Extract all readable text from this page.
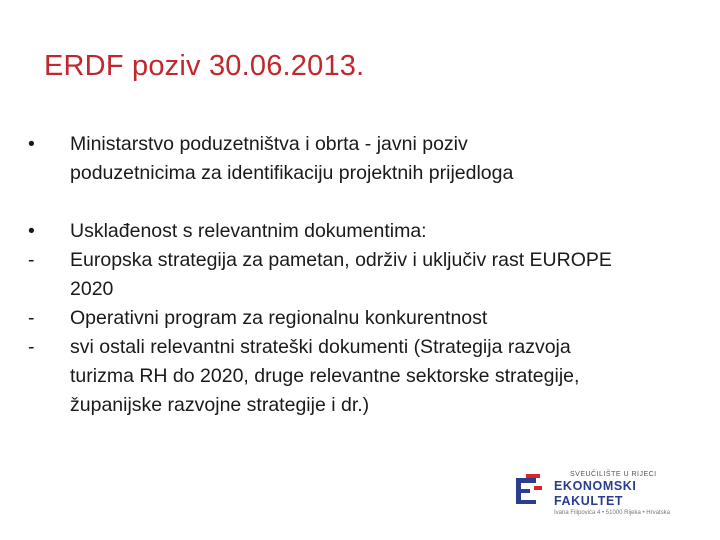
ERDF poziv 30.06.2013.
•	Ministarstvo poduzetništva i obrta - javni poziv
poduzetnicima za identifikaciju projektnih prijedloga
•	Usklađenost s relevantnim dokumentima:
-	Europska strategija za pametan, održiv i uključiv rast EUROPE
2020
-	Operativni program za regionalnu konkurentnost
-	svi ostali relevantni strateški dokumenti (Strategija razvoja
turizma RH do 2020, druge relevantne sektorske strategije,
županijske razvojne strategije i dr.)
SVEUČILIŠTE U RIJECI
EKONOMSKI FAKULTET
Ivana Filipovića 4 • 51000 Rijeka • Hrvatska
